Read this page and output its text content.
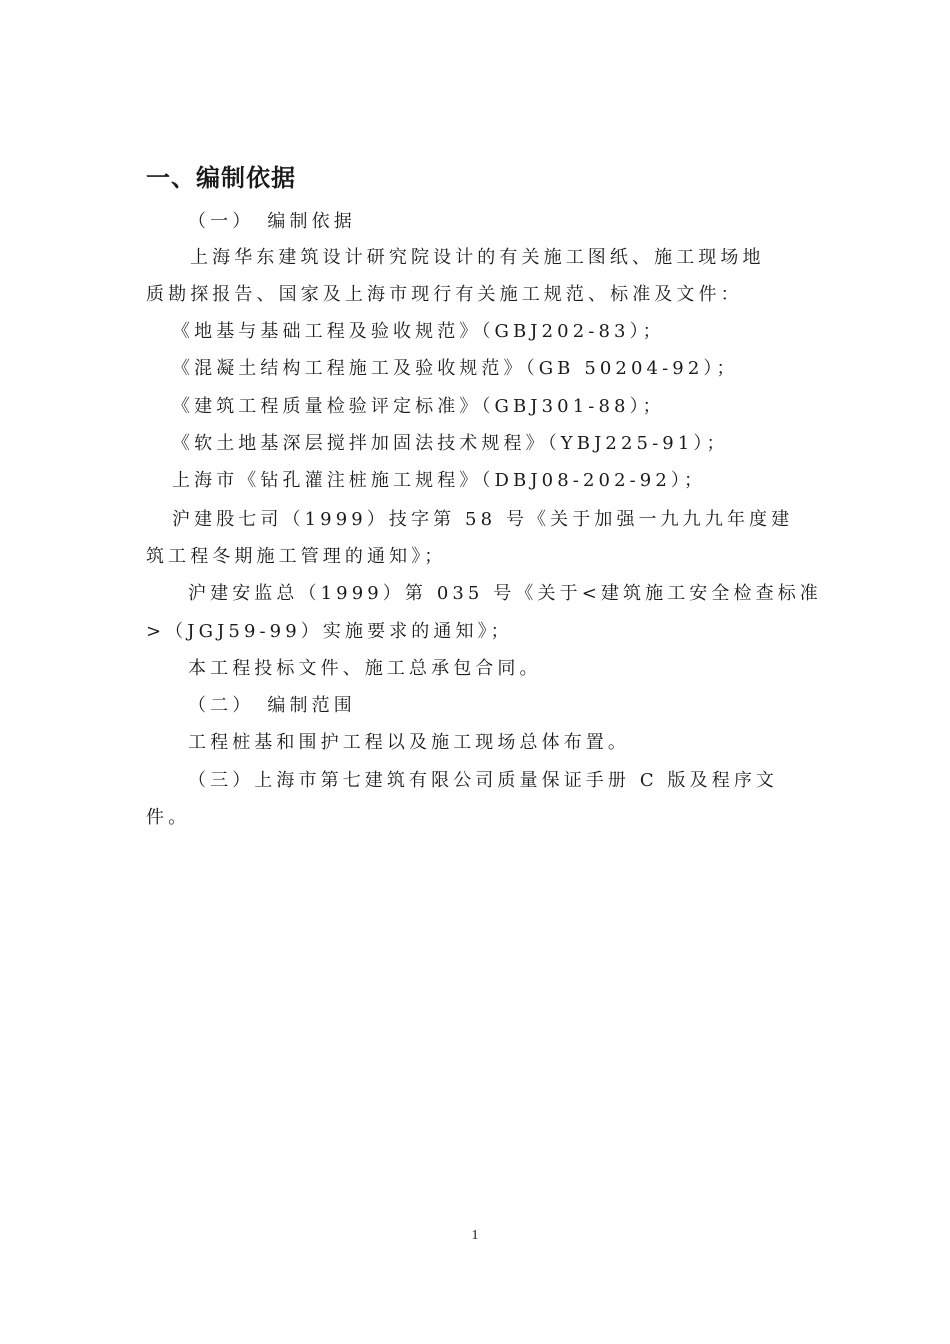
一、编制依据
（一）　编制依据
上海华东建筑设计研究院设计的有关施工图纸、施工现场地
质勘探报告、国家及上海市现行有关施工规范、标准及文件：
《地基与基础工程及验收规范》（GBJ202-83）；
《混凝土结构工程施工及验收规范》（GB 50204-92）；
《建筑工程质量检验评定标准》（GBJ301-88）；
《软土地基深层搅拌加固法技术规程》（YBJ225-91）；
上海市《钻孔灌注桩施工规程》（DBJ08-202-92）；
沪建股七司（1999）技字第 58 号《关于加强一九九九年度建
筑工程冬期施工管理的通知》；
沪建安监总（1999）第 035 号《关于<建筑施工安全检查标准
>（JGJ59-99）实施要求的通知》；
本工程投标文件、施工总承包合同。
（二）　编制范围
工程桩基和围护工程以及施工现场总体布置。
（三）上海市第七建筑有限公司质量保证手册 C 版及程序文
件。
1
